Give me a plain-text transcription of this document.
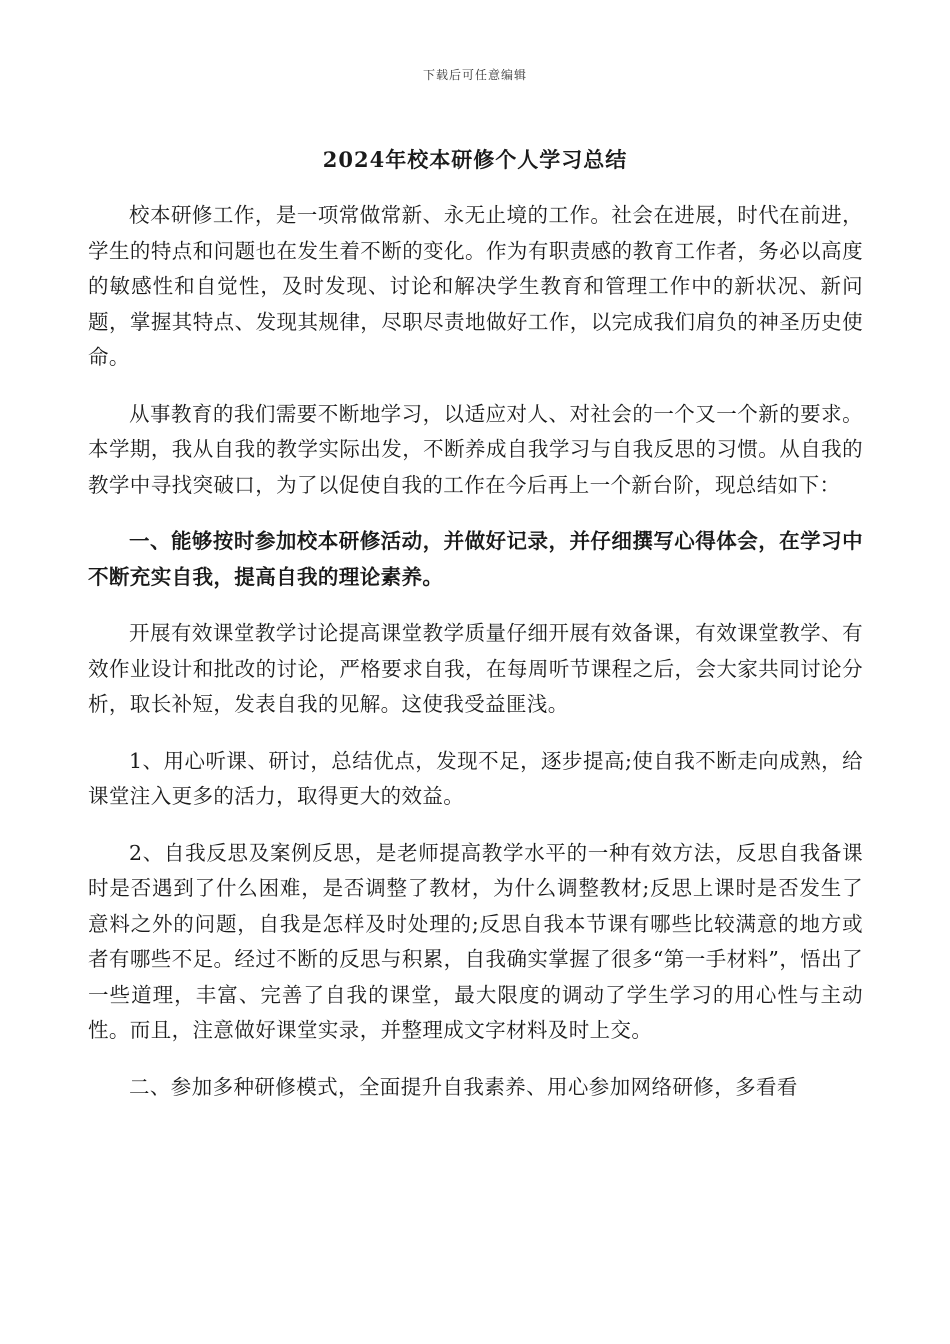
下载后可任意编辑
2024年校本研修个人学习总结

校本研修工作，是一项常做常新、永无止境的工作。社会在进展，时代在前进，学生的特点和问题也在发生着不断的变化。作为有职责感的教育工作者，务必以高度的敏感性和自觉性，及时发现、讨论和解决学生教育和管理工作中的新状况、新问题，掌握其特点、发现其规律，尽职尽责地做好工作，以完成我们肩负的神圣历史使命。

从事教育的我们需要不断地学习，以适应对人、对社会的一个又一个新的要求。本学期，我从自我的教学实际出发，不断养成自我学习与自我反思的习惯。从自我的教学中寻找突破口，为了以促使自我的工作在今后再上一个新台阶，现总结如下：

一、能够按时参加校本研修活动，并做好记录，并仔细撰写心得体会，在学习中不断充实自我，提高自我的理论素养。

开展有效课堂教学讨论提高课堂教学质量仔细开展有效备课，有效课堂教学、有效作业设计和批改的讨论，严格要求自我，在每周听节课程之后，会大家共同讨论分析，取长补短，发表自我的见解。这使我受益匪浅。

1、用心听课、研讨，总结优点，发现不足，逐步提高;使自我不断走向成熟，给课堂注入更多的活力，取得更大的效益。

2、自我反思及案例反思，是老师提高教学水平的一种有效方法，反思自我备课时是否遇到了什么困难，是否调整了教材，为什么调整教材;反思上课时是否发生了意料之外的问题，自我是怎样及时处理的;反思自我本节课有哪些比较满意的地方或者有哪些不足。经过不断的反思与积累，自我确实掌握了很多“第一手材料”，悟出了一些道理，丰富、完善了自我的课堂，最大限度的调动了学生学习的用心性与主动性。而且，注意做好课堂实录，并整理成文字材料及时上交。

二、参加多种研修模式，全面提升自我素养、用心参加网络研修，多看看
